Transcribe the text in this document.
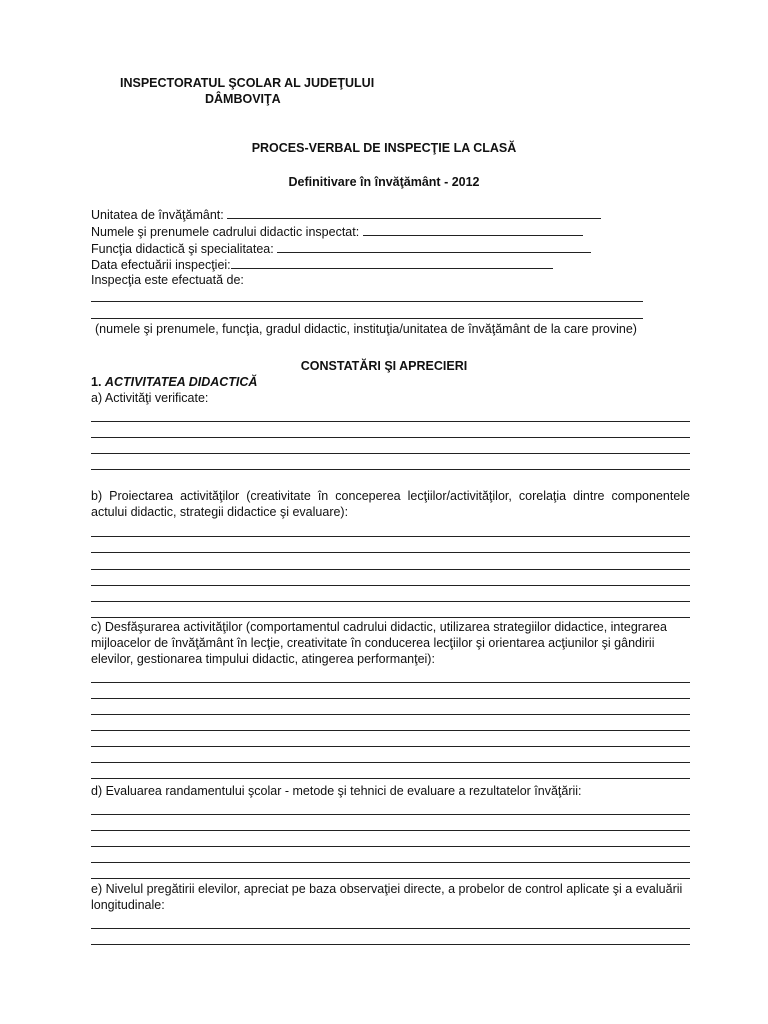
INSPECTORATUL ŞCOLAR AL JUDEŢULUI
DÂMBOVIŢA
PROCES-VERBAL DE INSPECŢIE LA CLASĂ
Definitivare în învăţământ - 2012
Unitatea de învăţământ:
Numele şi prenumele cadrului didactic inspectat:
Funcţia didactică şi specialitatea:
Data efectuării inspecţiei:
Inspecţia este efectuată de:
(numele şi prenumele, funcţia, gradul didactic, instituţia/unitatea de învăţământ de la care provine)
CONSTATĂRI ŞI APRECIERI
1. ACTIVITATEA DIDACTICĂ
a) Activităţi verificate:
b) Proiectarea activităţilor (creativitate în conceperea lecţiilor/activităţilor, corelaţia dintre componentele actului didactic, strategii didactice şi evaluare):
c) Desfăşurarea activităţilor (comportamentul cadrului didactic, utilizarea strategiilor didactice, integrarea mijloacelor de învăţământ în lecţie, creativitate în conducerea lecţiilor şi orientarea acţiunilor şi gândirii elevilor, gestionarea timpului didactic, atingerea performanţei):
d) Evaluarea randamentului şcolar - metode şi tehnici de evaluare a rezultatelor învăţării:
e) Nivelul pregătirii elevilor, apreciat pe baza observaţiei directe, a probelor de control aplicate şi a evaluării longitudinale:
